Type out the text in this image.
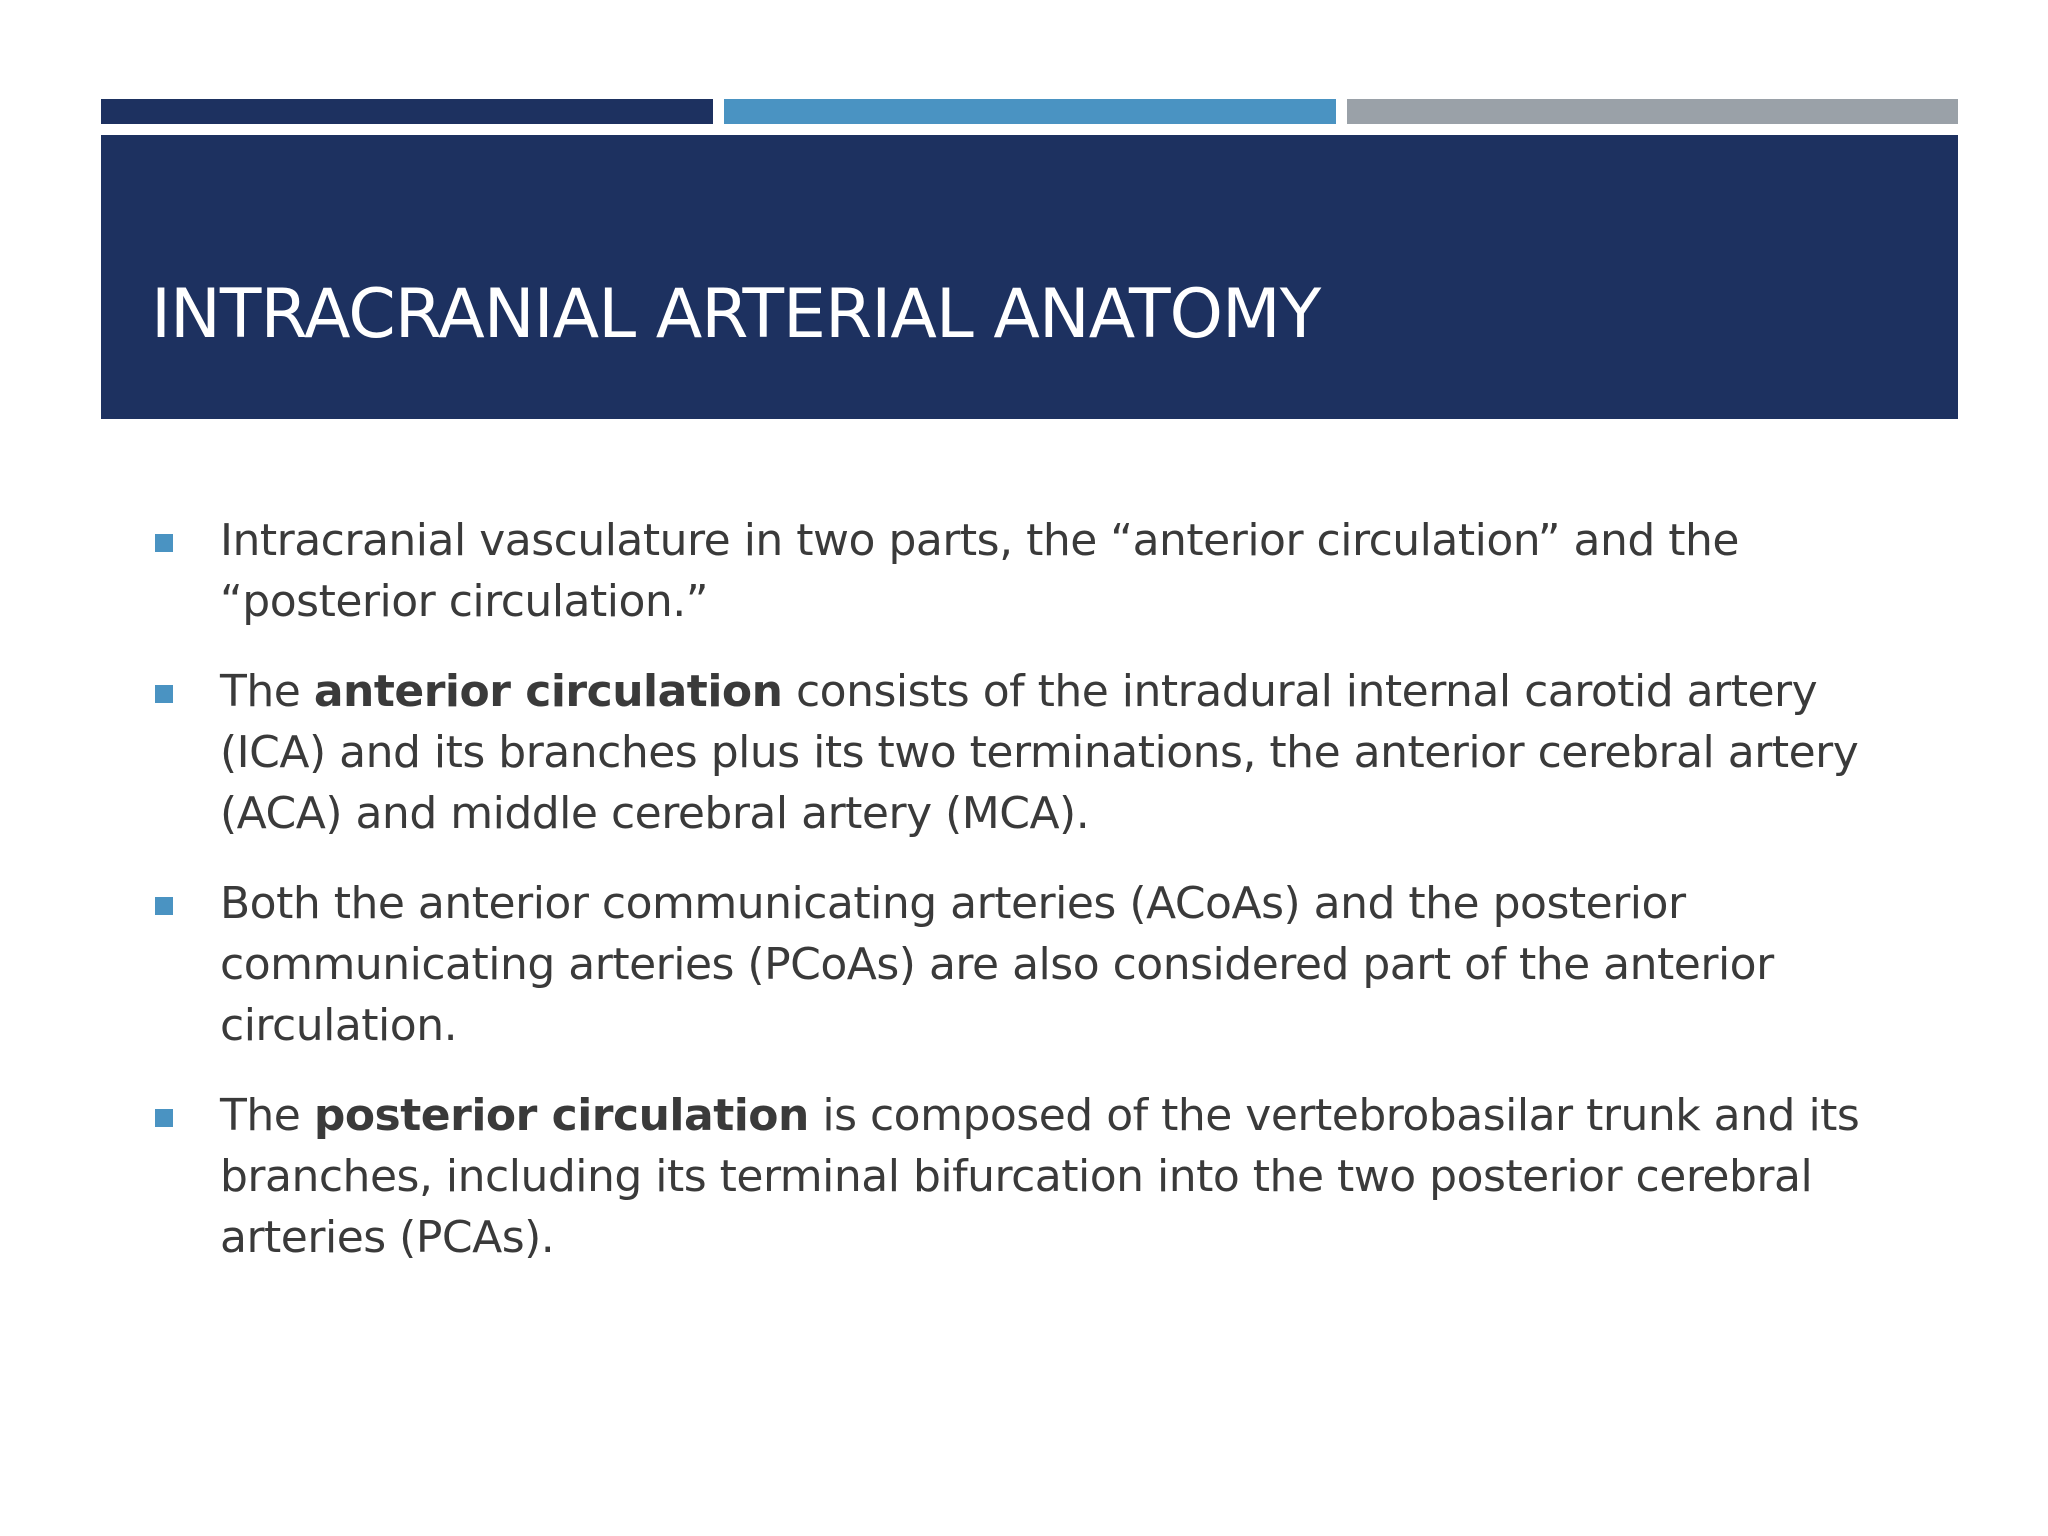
INTRACRANIAL ARTERIAL ANATOMY
Intracranial vasculature in two parts, the “anterior circulation” and the “posterior circulation.”
The anterior circulation consists of the intradural internal carotid artery (ICA) and its branches plus its two terminations, the anterior cerebral artery (ACA) and middle cerebral artery (MCA).
Both the anterior communicating arteries (ACoAs) and the posterior communicating arteries (PCoAs) are also considered part of the anterior circulation.
The posterior circulation is composed of the vertebrobasilar trunk and its branches, including its terminal bifurcation into the two posterior cerebral arteries (PCAs).
